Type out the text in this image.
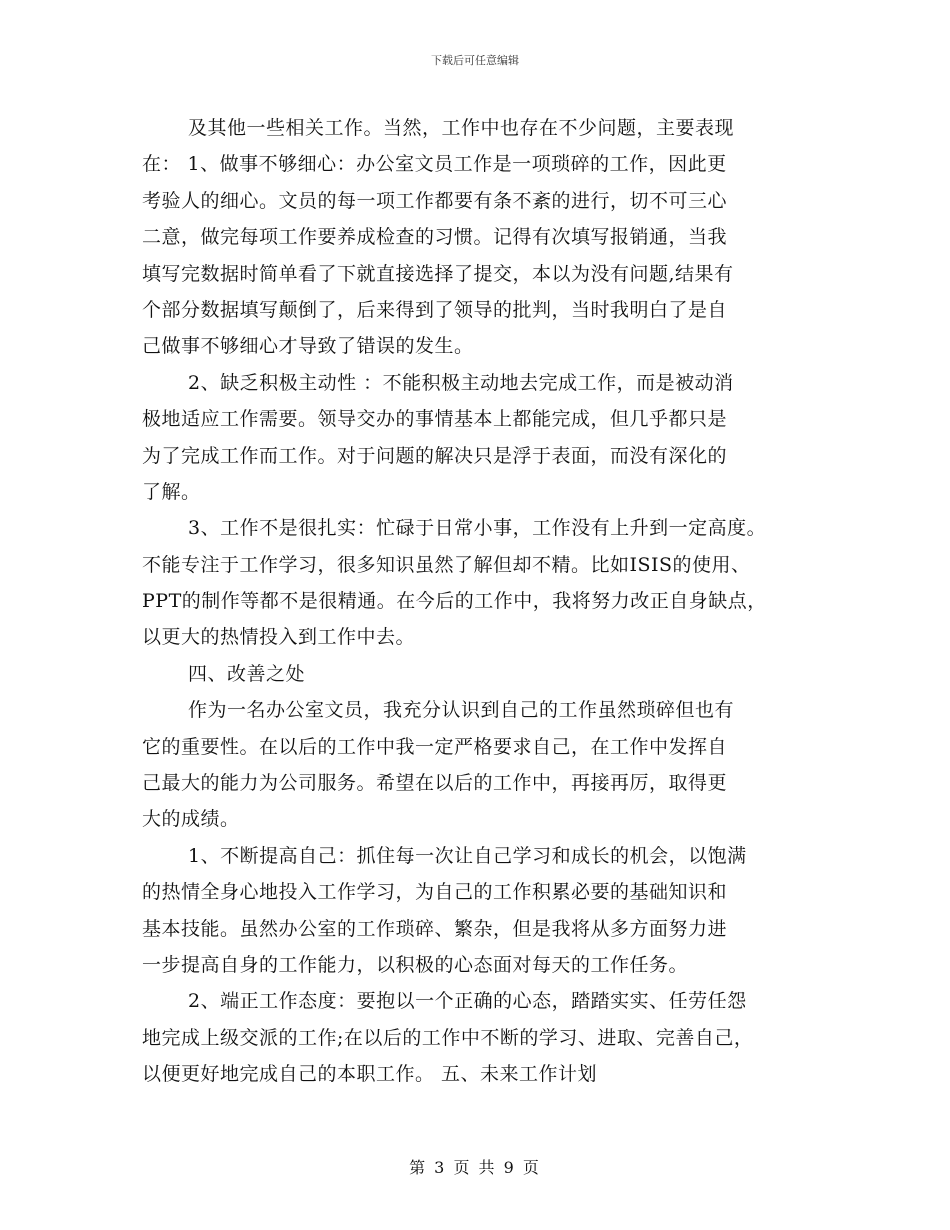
下载后可任意编辑
及其他一些相关工作。当然，工作中也存在不少问题，主要表现
在： 1、做事不够细心：办公室文员工作是一项琐碎的工作，因此更
考验人的细心。文员的每一项工作都要有条不紊的进行，切不可三心
二意，做完每项工作要养成检查的习惯。记得有次填写报销通，当我
填写完数据时简单看了下就直接选择了提交，本以为没有问题,结果有
个部分数据填写颠倒了，后来得到了领导的批判，当时我明白了是自
己做事不够细心才导致了错误的发生。
2、缺乏积极主动性 ：不能积极主动地去完成工作，而是被动消
极地适应工作需要。领导交办的事情基本上都能完成，但几乎都只是
为了完成工作而工作。对于问题的解决只是浮于表面，而没有深化的
了解。
3、工作不是很扎实：忙碌于日常小事，工作没有上升到一定高度。
不能专注于工作学习，很多知识虽然了解但却不精。比如ISIS的使用、
PPT的制作等都不是很精通。在今后的工作中，我将努力改正自身缺点，
以更大的热情投入到工作中去。
四、改善之处
作为一名办公室文员，我充分认识到自己的工作虽然琐碎但也有
它的重要性。在以后的工作中我一定严格要求自己，在工作中发挥自
己最大的能力为公司服务。希望在以后的工作中，再接再厉，取得更
大的成绩。
1、不断提高自己：抓住每一次让自己学习和成长的机会，以饱满
的热情全身心地投入工作学习，为自己的工作积累必要的基础知识和
基本技能。虽然办公室的工作琐碎、繁杂，但是我将从多方面努力进
一步提高自身的工作能力，以积极的心态面对每天的工作任务。
2、端正工作态度：要抱以一个正确的心态，踏踏实实、任劳任怨
地完成上级交派的工作;在以后的工作中不断的学习、进取、完善自己，
以便更好地完成自己的本职工作。 五、未来工作计划
第 3 页 共 9 页
